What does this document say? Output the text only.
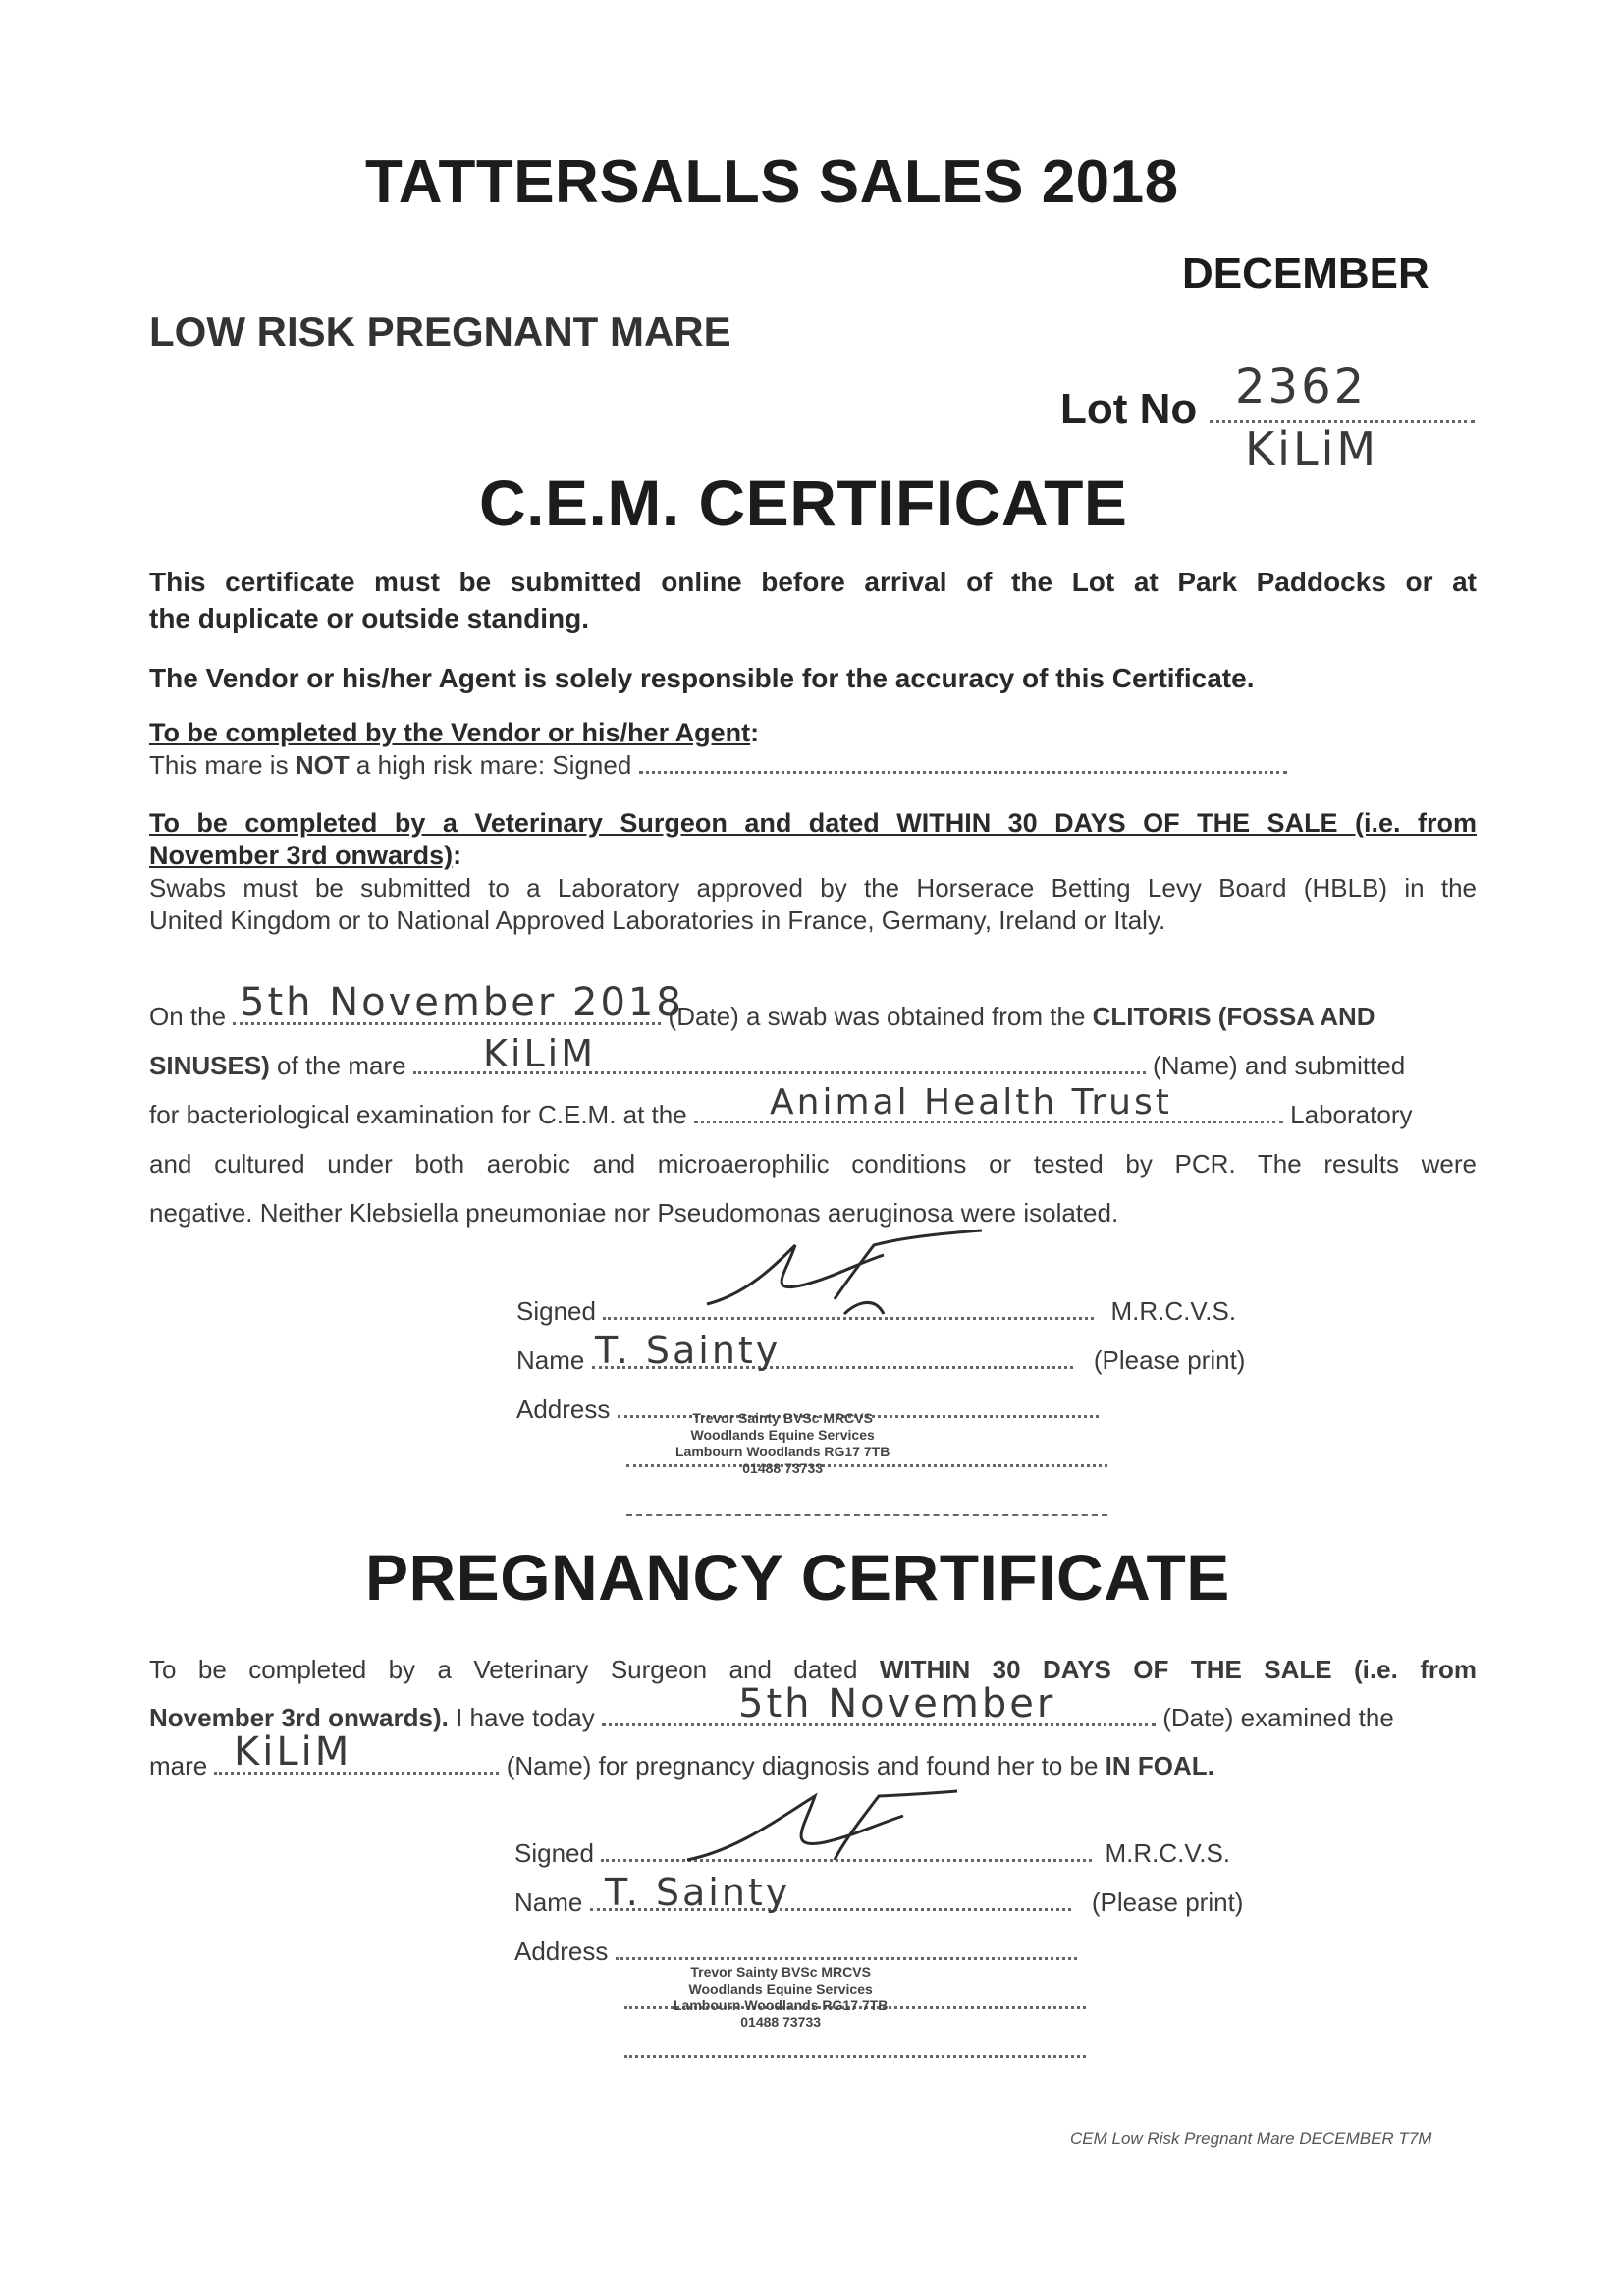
TATTERSALLS SALES 2018
DECEMBER
LOW RISK PREGNANT MARE
Lot No 2362
KiLiM
C.E.M. CERTIFICATE
This certificate must be submitted online before arrival of the Lot at Park Paddocks or at
the duplicate or outside standing.
The Vendor or his/her Agent is solely responsible for the accuracy of this Certificate.
To be completed by the Vendor or his/her Agent:
This mare is NOT a high risk mare: Signed
To be completed by a Veterinary Surgeon and dated WITHIN 30 DAYS OF THE SALE (i.e. from
November 3rd onwards):
Swabs must be submitted to a Laboratory approved by the Horserace Betting Levy Board (HBLB) in the
United Kingdom or to National Approved Laboratories in France, Germany, Ireland or Italy.
On the	(Date) a swab was obtained from the CLITORIS (FOSSA AND
5th November 2018
SINUSES) of the mare	(Name) and submitted
KiLiM
for bacteriological examination for C.E.M. at the	Laboratory
Animal Health Trust
and cultured under both aerobic and microaerophilic conditions or tested by PCR. The results were
negative. Neither Klebsiella pneumoniae nor Pseudomonas aeruginosa were isolated.
Signed	M.R.C.V.S.
Name	(Please print)
T. Sainty
Address	Trevor Sainty BVSc MRCVS
Woodlands Equine Services
Lambourn Woodlands RG17 7TB
01488 73733
PREGNANCY CERTIFICATE
To be completed by a Veterinary Surgeon and dated WITHIN 30 DAYS OF THE SALE (i.e. from
November 3rd onwards). I have today	(Date) examined the
5th November
mare	(Name) for pregnancy diagnosis and found her to be IN FOAL.
KiLiM
Signed	M.R.C.V.S.
Name	(Please print)
T. Sainty
Address
Trevor Sainty BVSc MRCVS
Woodlands Equine Services
Lambourn Woodlands RG17 7TB
01488 73733
CEM Low Risk Pregnant Mare DECEMBER T7M
